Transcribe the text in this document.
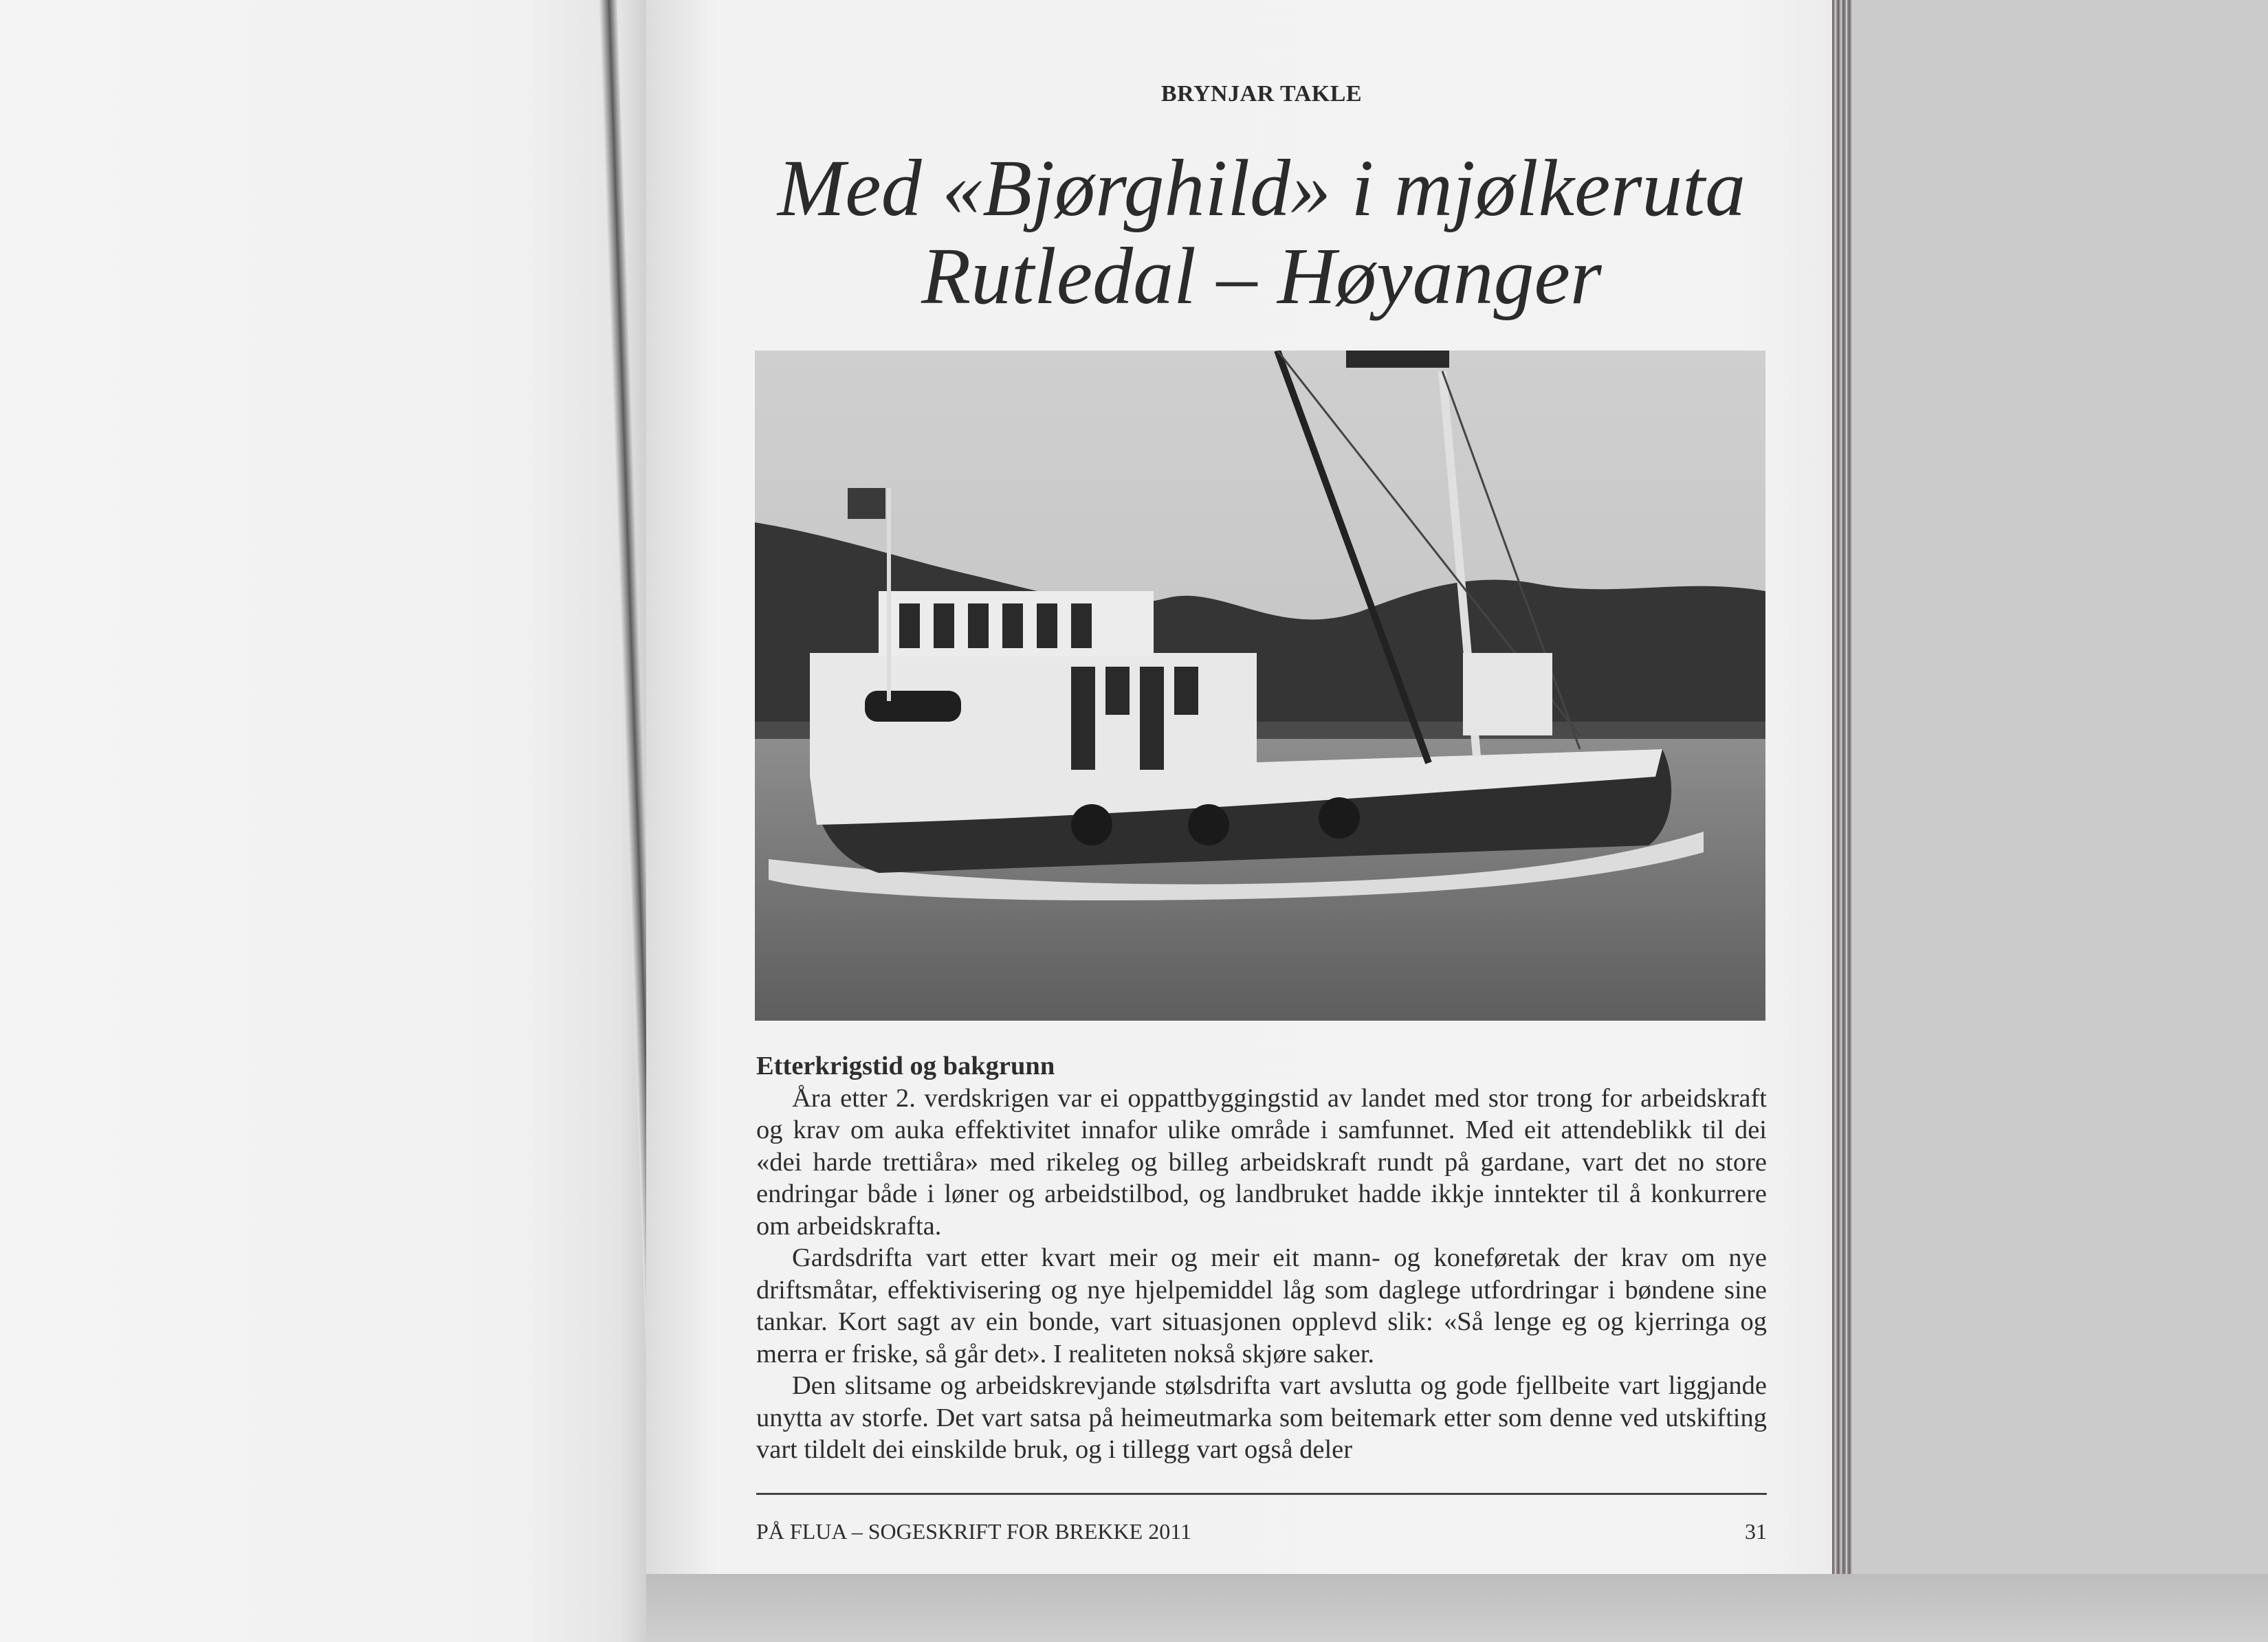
BRYNJAR TAKLE
Med «Bjørghild» i mjølkeruta
Rutledal – Høyanger
Etterkrigstid og bakgrunn
Åra etter 2. verdskrigen var ei oppattbyggingstid av landet med stor trong for arbeidskraft og krav om auka effektivitet innafor ulike område i samfunnet. Med eit attendeblikk til dei «dei harde trettiåra» med rikeleg og billeg arbeidskraft rundt på gardane, vart det no store endringar både i løner og arbeidstilbod, og landbruket hadde ikkje inntekter til å konkurrere om arbeidskrafta.
Gardsdrifta vart etter kvart meir og meir eit mann- og koneføretak der krav om nye driftsmåtar, effektivisering og nye hjelpemiddel låg som daglege utfordringar i bøndene sine tankar. Kort sagt av ein bonde, vart situasjonen opplevd slik: «Så lenge eg og kjerringa og merra er friske, så går det». I realiteten nokså skjøre saker.
Den slitsame og arbeidskrevjande stølsdrifta vart avslutta og gode fjellbeite vart liggjande unytta av storfe. Det vart satsa på heimeutmarka som beitemark etter som denne ved utskifting vart tildelt dei einskilde bruk, og i tillegg vart også deler
PÅ FLUA – SOGESKRIFT FOR BREKKE 2011	31
